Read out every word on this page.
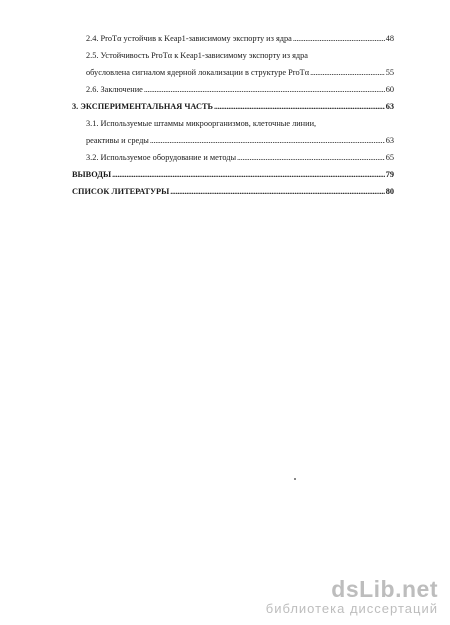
2.4. ProTα устойчив к Keap1-зависимому экспорту из ядра .....	48
2.5. Устойчивость ProTα к Keap1-зависимому экспорту из ядра
обусловлена сигналом ядерной локализации в структуре ProTα .....	55
2.6. Заключение .....	60
3. ЭКСПЕРИМЕНТАЛЬНАЯ ЧАСТЬ .....	63
3.1. Используемые штаммы микроорганизмов, клеточные линии,
реактивы и среды .....	63
3.2. Используемое оборудование и методы .....	65
ВЫВОДЫ .....	79
СПИСОК ЛИТЕРАТУРЫ .....	80
dsLib.net
библиотека диссертаций
